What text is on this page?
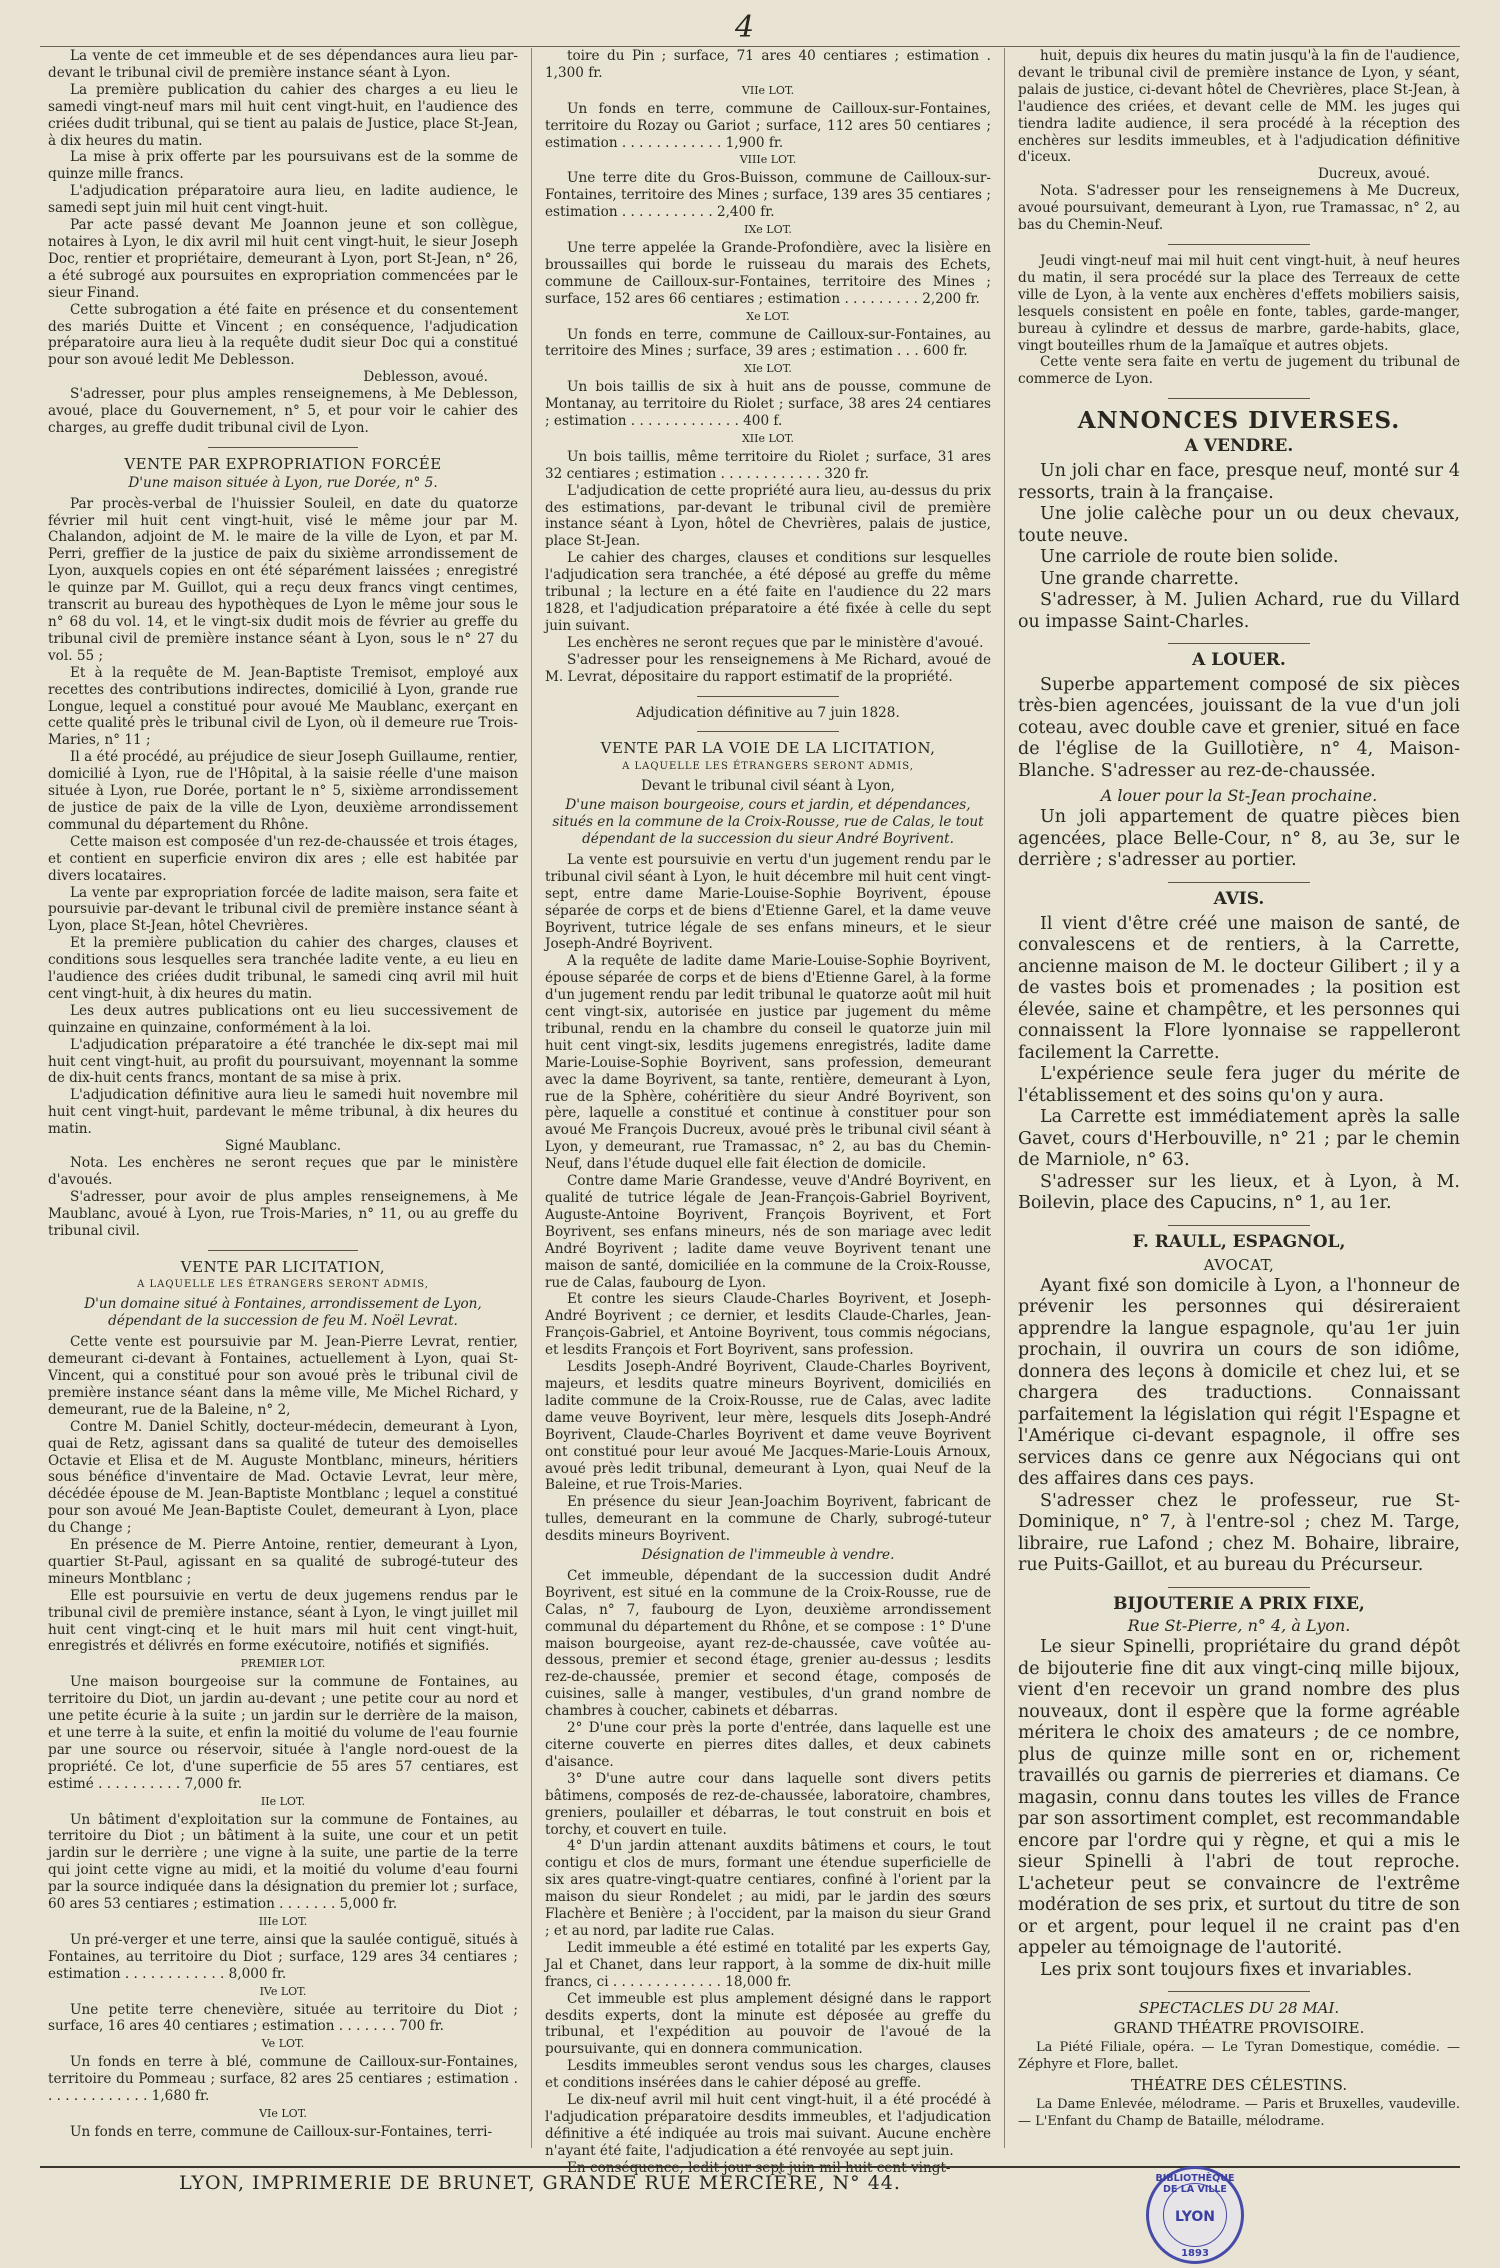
4

La vente de cet immeuble et de ses dépendances aura lieu par-devant le tribunal civil de première instance séant à Lyon.

La première publication du cahier des charges a eu lieu le samedi vingt-neuf mars mil huit cent vingt-huit, en l'audience des criées dudit tribunal, qui se tient au palais de Justice, place St-Jean, à dix heures du matin.

La mise à prix offerte par les poursuivans est de la somme de quinze mille francs.

L'adjudication préparatoire aura lieu, en ladite audience, le samedi sept juin mil huit cent vingt-huit.

Par acte passé devant Me Joannon jeune et son collègue, notaires à Lyon, le dix avril mil huit cent vingt-huit, le sieur Joseph Doc, rentier et propriétaire, demeurant à Lyon, port St-Jean, n° 26, a été subrogé aux poursuites en expropriation commencées par le sieur Finand.

Cette subrogation a été faite en présence et du consentement des mariés Duitte et Vincent ; en conséquence, l'adjudication préparatoire aura lieu à la requête dudit sieur Doc qui a constitué pour son avoué ledit Me Deblesson.

Deblesson, avoué.

S'adresser, pour plus amples renseignemens, à Me Deblesson, avoué, place du Gouvernement, n° 5, et pour voir le cahier des charges, au greffe dudit tribunal civil de Lyon.

VENTE PAR EXPROPRIATION FORCÉE

D'une maison située à Lyon, rue Dorée, n° 5.

Par procès-verbal de l'huissier Souleil, en date du quatorze février mil huit cent vingt-huit, visé le même jour par M. Chalandon, adjoint de M. le maire de la ville de Lyon, et par M. Perri, greffier de la justice de paix du sixième arrondissement de Lyon, auxquels copies en ont été séparément laissées ; enregistré le quinze par M. Guillot, qui a reçu deux francs vingt centimes, transcrit au bureau des hypothèques de Lyon le même jour sous le n° 68 du vol. 14, et le vingt-six dudit mois de février au greffe du tribunal civil de première instance séant à Lyon, sous le n° 27 du vol. 55 ;

Et à la requête de M. Jean-Baptiste Tremisot, employé aux recettes des contributions indirectes, domicilié à Lyon, grande rue Longue, lequel a constitué pour avoué Me Maublanc, exerçant en cette qualité près le tribunal civil de Lyon, où il demeure rue Trois-Maries, n° 11 ;

Il a été procédé, au préjudice de sieur Joseph Guillaume, rentier, domicilié à Lyon, rue de l'Hôpital, à la saisie réelle d'une maison située à Lyon, rue Dorée, portant le n° 5, sixième arrondissement de justice de paix de la ville de Lyon, deuxième arrondissement communal du département du Rhône.

Cette maison est composée d'un rez-de-chaussée et trois étages, et contient en superficie environ dix ares ; elle est habitée par divers locataires.

La vente par expropriation forcée de ladite maison, sera faite et poursuivie par-devant le tribunal civil de première instance séant à Lyon, place St-Jean, hôtel Chevrières.

Et la première publication du cahier des charges, clauses et conditions sous lesquelles sera tranchée ladite vente, a eu lieu en l'audience des criées dudit tribunal, le samedi cinq avril mil huit cent vingt-huit, à dix heures du matin.

Les deux autres publications ont eu lieu successivement de quinzaine en quinzaine, conformément à la loi.

L'adjudication préparatoire a été tranchée le dix-sept mai mil huit cent vingt-huit, au profit du poursuivant, moyennant la somme de dix-huit cents francs, montant de sa mise à prix.

L'adjudication définitive aura lieu le samedi huit novembre mil huit cent vingt-huit, pardevant le même tribunal, à dix heures du matin.

Signé Maublanc.

Nota. Les enchères ne seront reçues que par le ministère d'avoués.

S'adresser, pour avoir de plus amples renseignemens, à Me Maublanc, avoué à Lyon, rue Trois-Maries, n° 11, ou au greffe du tribunal civil.

VENTE PAR LICITATION,
A LAQUELLE LES ÉTRANGERS SERONT ADMIS,

D'un domaine situé à Fontaines, arrondissement de Lyon, dépendant de la succession de feu M. Noël Levrat.

Cette vente est poursuivie par M. Jean-Pierre Levrat, rentier, demeurant ci-devant à Fontaines, actuellement à Lyon, quai St-Vincent, qui a constitué pour son avoué près le tribunal civil de première instance séant dans la même ville, Me Michel Richard, y demeurant, rue de la Baleine, n° 2,

Contre M. Daniel Schitly, docteur-médecin, demeurant à Lyon, quai de Retz, agissant dans sa qualité de tuteur des demoiselles Octavie et Elisa et de M. Auguste Montblanc, mineurs, héritiers sous bénéfice d'inventaire de Mad. Octavie Levrat, leur mère, décédée épouse de M. Jean-Baptiste Montblanc ; lequel a constitué pour son avoué Me Jean-Baptiste Coulet, demeurant à Lyon, place du Change ;

En présence de M. Pierre Antoine, rentier, demeurant à Lyon, quartier St-Paul, agissant en sa qualité de subrogé-tuteur des mineurs Montblanc ;

Elle est poursuivie en vertu de deux jugemens rendus par le tribunal civil de première instance, séant à Lyon, le vingt juillet mil huit cent vingt-cinq et le huit mars mil huit cent vingt-huit, enregistrés et délivrés en forme exécutoire, notifiés et signifiés.

PREMIER LOT.

Une maison bourgeoise sur la commune de Fontaines, au territoire du Diot, un jardin au-devant ; une petite cour au nord et une petite écurie à la suite ; un jardin sur le derrière de la maison, et une terre à la suite, et enfin la moitié du volume de l'eau fournie par une source ou réservoir, située à l'angle nord-ouest de la propriété. Ce lot, d'une superficie de 55 ares 57 centiares, est estimé . . . . . . . . . . 7,000 fr.

IIe LOT.

Un bâtiment d'exploitation sur la commune de Fontaines, au territoire du Diot ; un bâtiment à la suite, une cour et un petit jardin sur le derrière ; une vigne à la suite, une partie de la terre qui joint cette vigne au midi, et la moitié du volume d'eau fourni par la source indiquée dans la désignation du premier lot ; surface, 60 ares 53 centiares ; estimation . . . . . . . 5,000 fr.

IIIe LOT.

Un pré-verger et une terre, ainsi que la saulée contiguë, situés à Fontaines, au territoire du Diot ; surface, 129 ares 34 centiares ; estimation . . . . . . . . . . . . 8,000 fr.

IVe LOT.

Une petite terre chenevière, située au territoire du Diot ; surface, 16 ares 40 centiares ; estimation . . . . . . . 700 fr.

Ve LOT.

Un fonds en terre à blé, commune de Cailloux-sur-Fontaines, territoire du Pommeau ; surface, 82 ares 25 centiares ; estimation . . . . . . . . . . . . . 1,680 fr.

VIe LOT.

Un fonds en terre, commune de Cailloux-sur-Fontaines, terri-

toire du Pin ; surface, 71 ares 40 centiares ; estimation . 1,300 fr.

VIIe LOT.

Un fonds en terre, commune de Cailloux-sur-Fontaines, territoire du Rozay ou Gariot ; surface, 112 ares 50 centiares ; estimation . . . . . . . . . . . . 1,900 fr.

VIIIe LOT.

Une terre dite du Gros-Buisson, commune de Cailloux-sur-Fontaines, territoire des Mines ; surface, 139 ares 35 centiares ; estimation . . . . . . . . . . . 2,400 fr.

IXe LOT.

Une terre appelée la Grande-Profondière, avec la lisière en broussailles qui borde le ruisseau du marais des Echets, commune de Cailloux-sur-Fontaines, territoire des Mines ; surface, 152 ares 66 centiares ; estimation . . . . . . . . . 2,200 fr.

Xe LOT.

Un fonds en terre, commune de Cailloux-sur-Fontaines, au territoire des Mines ; surface, 39 ares ; estimation . . . 600 fr.

XIe LOT.

Un bois taillis de six à huit ans de pousse, commune de Montanay, au territoire du Riolet ; surface, 38 ares 24 centiares ; estimation . . . . . . . . . . . . . 400 f.

XIIe LOT.

Un bois taillis, même territoire du Riolet ; surface, 31 ares 32 centiares ; estimation . . . . . . . . . . . . 320 fr.

L'adjudication de cette propriété aura lieu, au-dessus du prix des estimations, par-devant le tribunal civil de première instance séant à Lyon, hôtel de Chevrières, palais de justice, place St-Jean.

Le cahier des charges, clauses et conditions sur lesquelles l'adjudication sera tranchée, a été déposé au greffe du même tribunal ; la lecture en a été faite en l'audience du 22 mars 1828, et l'adjudication préparatoire a été fixée à celle du sept juin suivant.

Les enchères ne seront reçues que par le ministère d'avoué.

S'adresser pour les renseignemens à Me Richard, avoué de M. Levrat, dépositaire du rapport estimatif de la propriété.

Adjudication définitive au 7 juin 1828.

VENTE PAR LA VOIE DE LA LICITATION,
A LAQUELLE LES ÉTRANGERS SERONT ADMIS,

Devant le tribunal civil séant à Lyon,

D'une maison bourgeoise, cours et jardin, et dépendances, situés en la commune de la Croix-Rousse, rue de Calas, le tout dépendant de la succession du sieur André Boyrivent.

La vente est poursuivie en vertu d'un jugement rendu par le tribunal civil séant à Lyon, le huit décembre mil huit cent vingt-sept, entre dame Marie-Louise-Sophie Boyrivent, épouse séparée de corps et de biens d'Etienne Garel, et la dame veuve Boyrivent, tutrice légale de ses enfans mineurs, et le sieur Joseph-André Boyrivent.

A la requête de ladite dame Marie-Louise-Sophie Boyrivent, épouse séparée de corps et de biens d'Etienne Garel, à la forme d'un jugement rendu par ledit tribunal le quatorze août mil huit cent vingt-six, autorisée en justice par jugement du même tribunal, rendu en la chambre du conseil le quatorze juin mil huit cent vingt-six, lesdits jugemens enregistrés, ladite dame Marie-Louise-Sophie Boyrivent, sans profession, demeurant avec la dame Boyrivent, sa tante, rentière, demeurant à Lyon, rue de la Sphère, cohéritière du sieur André Boyrivent, son père, laquelle a constitué et continue à constituer pour son avoué Me François Ducreux, avoué près le tribunal civil séant à Lyon, y demeurant, rue Tramassac, n° 2, au bas du Chemin-Neuf, dans l'étude duquel elle fait élection de domicile.

Contre dame Marie Grandesse, veuve d'André Boyrivent, en qualité de tutrice légale de Jean-François-Gabriel Boyrivent, Auguste-Antoine Boyrivent, François Boyrivent, et Fort Boyrivent, ses enfans mineurs, nés de son mariage avec ledit André Boyrivent ; ladite dame veuve Boyrivent tenant une maison de santé, domiciliée en la commune de la Croix-Rousse, rue de Calas, faubourg de Lyon.

Et contre les sieurs Claude-Charles Boyrivent, et Joseph-André Boyrivent ; ce dernier, et lesdits Claude-Charles, Jean-François-Gabriel, et Antoine Boyrivent, tous commis négocians, et lesdits François et Fort Boyrivent, sans profession.

Lesdits Joseph-André Boyrivent, Claude-Charles Boyrivent, majeurs, et lesdits quatre mineurs Boyrivent, domiciliés en ladite commune de la Croix-Rousse, rue de Calas, avec ladite dame veuve Boyrivent, leur mère, lesquels dits Joseph-André Boyrivent, Claude-Charles Boyrivent et dame veuve Boyrivent ont constitué pour leur avoué Me Jacques-Marie-Louis Arnoux, avoué près ledit tribunal, demeurant à Lyon, quai Neuf de la Baleine, et rue Trois-Maries.

En présence du sieur Jean-Joachim Boyrivent, fabricant de tulles, demeurant en la commune de Charly, subrogé-tuteur desdits mineurs Boyrivent.

Désignation de l'immeuble à vendre.

Cet immeuble, dépendant de la succession dudit André Boyrivent, est situé en la commune de la Croix-Rousse, rue de Calas, n° 7, faubourg de Lyon, deuxième arrondissement communal du département du Rhône, et se compose : 1° D'une maison bourgeoise, ayant rez-de-chaussée, cave voûtée au-dessous, premier et second étage, grenier au-dessus ; lesdits rez-de-chaussée, premier et second étage, composés de cuisines, salle à manger, vestibules, d'un grand nombre de chambres à coucher, cabinets et débarras.

2° D'une cour près la porte d'entrée, dans laquelle est une citerne couverte en pierres dites dalles, et deux cabinets d'aisance.

3° D'une autre cour dans laquelle sont divers petits bâtimens, composés de rez-de-chaussée, laboratoire, chambres, greniers, poulailler et débarras, le tout construit en bois et torchy, et couvert en tuile.

4° D'un jardin attenant auxdits bâtimens et cours, le tout contigu et clos de murs, formant une étendue superficielle de six ares quatre-vingt-quatre centiares, confiné à l'orient par la maison du sieur Rondelet ; au midi, par le jardin des sœurs Flachère et Benière ; à l'occident, par la maison du sieur Grand ; et au nord, par ladite rue Calas.

Ledit immeuble a été estimé en totalité par les experts Gay, Jal et Chanet, dans leur rapport, à la somme de dix-huit mille francs, ci . . . . . . . . . . . . . 18,000 fr.

Cet immeuble est plus amplement désigné dans le rapport desdits experts, dont la minute est déposée au greffe du tribunal, et l'expédition au pouvoir de l'avoué de la poursuivante, qui en donnera communication.

Lesdits immeubles seront vendus sous les charges, clauses et conditions insérées dans le cahier déposé au greffe.

Le dix-neuf avril mil huit cent vingt-huit, il a été procédé à l'adjudication préparatoire desdits immeubles, et l'adjudication définitive a été indiquée au trois mai suivant. Aucune enchère n'ayant été faite, l'adjudication a été renvoyée au sept juin.

En conséquence, ledit jour sept juin mil huit cent vingt-

huit, depuis dix heures du matin jusqu'à la fin de l'audience, devant le tribunal civil de première instance de Lyon, y séant, palais de justice, ci-devant hôtel de Chevrières, place St-Jean, à l'audience des criées, et devant celle de MM. les juges qui tiendra ladite audience, il sera procédé à la réception des enchères sur lesdits immeubles, et à l'adjudication définitive d'iceux.

Ducreux, avoué.

Nota. S'adresser pour les renseignemens à Me Ducreux, avoué poursuivant, demeurant à Lyon, rue Tramassac, n° 2, au bas du Chemin-Neuf.

Jeudi vingt-neuf mai mil huit cent vingt-huit, à neuf heures du matin, il sera procédé sur la place des Terreaux de cette ville de Lyon, à la vente aux enchères d'effets mobiliers saisis, lesquels consistent en poêle en fonte, tables, garde-manger, bureau à cylindre et dessus de marbre, garde-habits, glace, vingt bouteilles rhum de la Jamaïque et autres objets.

Cette vente sera faite en vertu de jugement du tribunal de commerce de Lyon.

ANNONCES DIVERSES.
A VENDRE.

Un joli char en face, presque neuf, monté sur 4 ressorts, train à la française.

Une jolie calèche pour un ou deux chevaux, toute neuve.

Une carriole de route bien solide.

Une grande charrette.

S'adresser, à M. Julien Achard, rue du Villard ou impasse Saint-Charles.

A LOUER.

Superbe appartement composé de six pièces très-bien agencées, jouissant de la vue d'un joli coteau, avec double cave et grenier, situé en face de l'église de la Guillotière, n° 4, Maison-Blanche. S'adresser au rez-de-chaussée.

A louer pour la St-Jean prochaine.

Un joli appartement de quatre pièces bien agencées, place Belle-Cour, n° 8, au 3e, sur le derrière ; s'adresser au portier.

AVIS.

Il vient d'être créé une maison de santé, de convalescens et de rentiers, à la Carrette, ancienne maison de M. le docteur Gilibert ; il y a de vastes bois et promenades ; la position est élevée, saine et champêtre, et les personnes qui connaissent la Flore lyonnaise se rappelleront facilement la Carrette.

L'expérience seule fera juger du mérite de l'établissement et des soins qu'on y aura.

La Carrette est immédiatement après la salle Gavet, cours d'Herbouville, n° 21 ; par le chemin de Marniole, n° 63.

S'adresser sur les lieux, et à Lyon, à M. Boilevin, place des Capucins, n° 1, au 1er.

F. RAULL, ESPAGNOL,
AVOCAT,

Ayant fixé son domicile à Lyon, a l'honneur de prévenir les personnes qui désireraient apprendre la langue espagnole, qu'au 1er juin prochain, il ouvrira un cours de son idiôme, donnera des leçons à domicile et chez lui, et se chargera des traductions. Connaissant parfaitement la législation qui régit l'Espagne et l'Amérique ci-devant espagnole, il offre ses services dans ce genre aux Négocians qui ont des affaires dans ces pays.

S'adresser chez le professeur, rue St-Dominique, n° 7, à l'entre-sol ; chez M. Targe, libraire, rue Lafond ; chez M. Bohaire, libraire, rue Puits-Gaillot, et au bureau du Précurseur.

BIJOUTERIE A PRIX FIXE,
Rue St-Pierre, n° 4, à Lyon.

Le sieur Spinelli, propriétaire du grand dépôt de bijouterie fine dit aux vingt-cinq mille bijoux, vient d'en recevoir un grand nombre des plus nouveaux, dont il espère que la forme agréable méritera le choix des amateurs ; de ce nombre, plus de quinze mille sont en or, richement travaillés ou garnis de pierreries et diamans. Ce magasin, connu dans toutes les villes de France par son assortiment complet, est recommandable encore par l'ordre qui y règne, et qui a mis le sieur Spinelli à l'abri de tout reproche. L'acheteur peut se convaincre de l'extrême modération de ses prix, et surtout du titre de son or et argent, pour lequel il ne craint pas d'en appeler au témoignage de l'autorité.

Les prix sont toujours fixes et invariables.

SPECTACLES DU 28 MAI.
GRAND THÉATRE PROVISOIRE.

La Piété Filiale, opéra. — Le Tyran Domestique, comédie. — Zéphyre et Flore, ballet.

THÉATRE DES CÉLESTINS.

La Dame Enlevée, mélodrame. — Paris et Bruxelles, vaudeville. — L'Enfant du Champ de Bataille, mélodrame.

LYON, IMPRIMERIE DE BRUNET, GRANDE RUE MERCIÈRE, N° 44.	BIBLIOTHÈQUE DE LA VILLE
LYON
1893
